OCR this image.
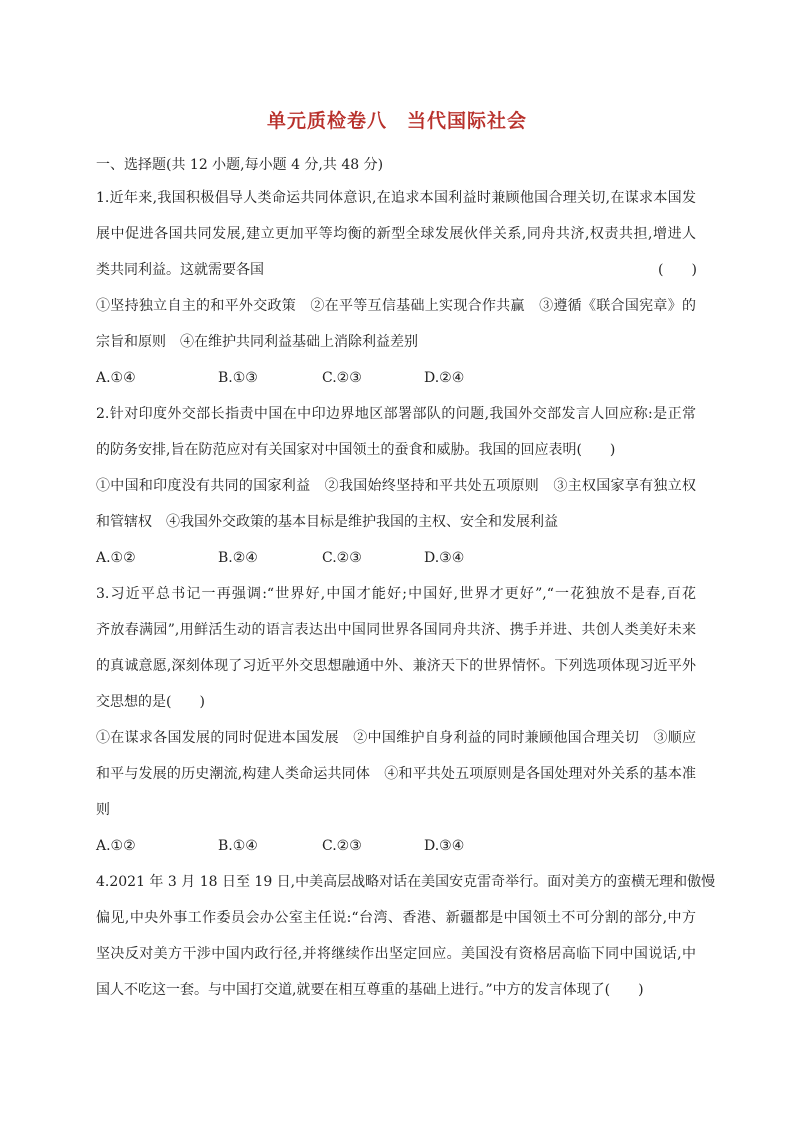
单元质检卷八　当代国际社会
一、选择题(共 12 小题,每小题 4 分,共 48 分)
1.近年来,我国积极倡导人类命运共同体意识,在追求本国利益时兼顾他国合理关切,在谋求本国发
展中促进各国共同发展,建立更加平等均衡的新型全球发展伙伴关系,同舟共济,权责共担,增进人
类共同利益。这就需要各国	(　　)
①坚持独立自主的和平外交政策　②在平等互信基础上实现合作共赢　③遵循《联合国宪章》的
宗旨和原则　④在维护共同利益基础上消除利益差别
A.①④	B.①③	C.②③	D.②④
2.针对印度外交部长指责中国在中印边界地区部署部队的问题,我国外交部发言人回应称:是正常
的防务安排,旨在防范应对有关国家对中国领土的蚕食和威胁。我国的回应表明(　　)
①中国和印度没有共同的国家利益　②我国始终坚持和平共处五项原则　③主权国家享有独立权
和管辖权　④我国外交政策的基本目标是维护我国的主权、安全和发展利益
A.①②	B.②④	C.②③	D.③④
3.习近平总书记一再强调:“世界好,中国才能好;中国好,世界才更好”,“一花独放不是春,百花
齐放春满园”,用鲜活生动的语言表达出中国同世界各国同舟共济、携手并进、共创人类美好未来
的真诚意愿,深刻体现了习近平外交思想融通中外、兼济天下的世界情怀。下列选项体现习近平外
交思想的是(　　)
①在谋求各国发展的同时促进本国发展　②中国维护自身利益的同时兼顾他国合理关切　③顺应
和平与发展的历史潮流,构建人类命运共同体　④和平共处五项原则是各国处理对外关系的基本准
则
A.①②	B.①④	C.②③	D.③④
4.2021 年 3 月 18 日至 19 日,中美高层战略对话在美国安克雷奇举行。面对美方的蛮横无理和傲慢
偏见,中央外事工作委员会办公室主任说:“台湾、香港、新疆都是中国领土不可分割的部分,中方
坚决反对美方干涉中国内政行径,并将继续作出坚定回应。美国没有资格居高临下同中国说话,中
国人不吃这一套。与中国打交道,就要在相互尊重的基础上进行。”中方的发言体现了(　　)
